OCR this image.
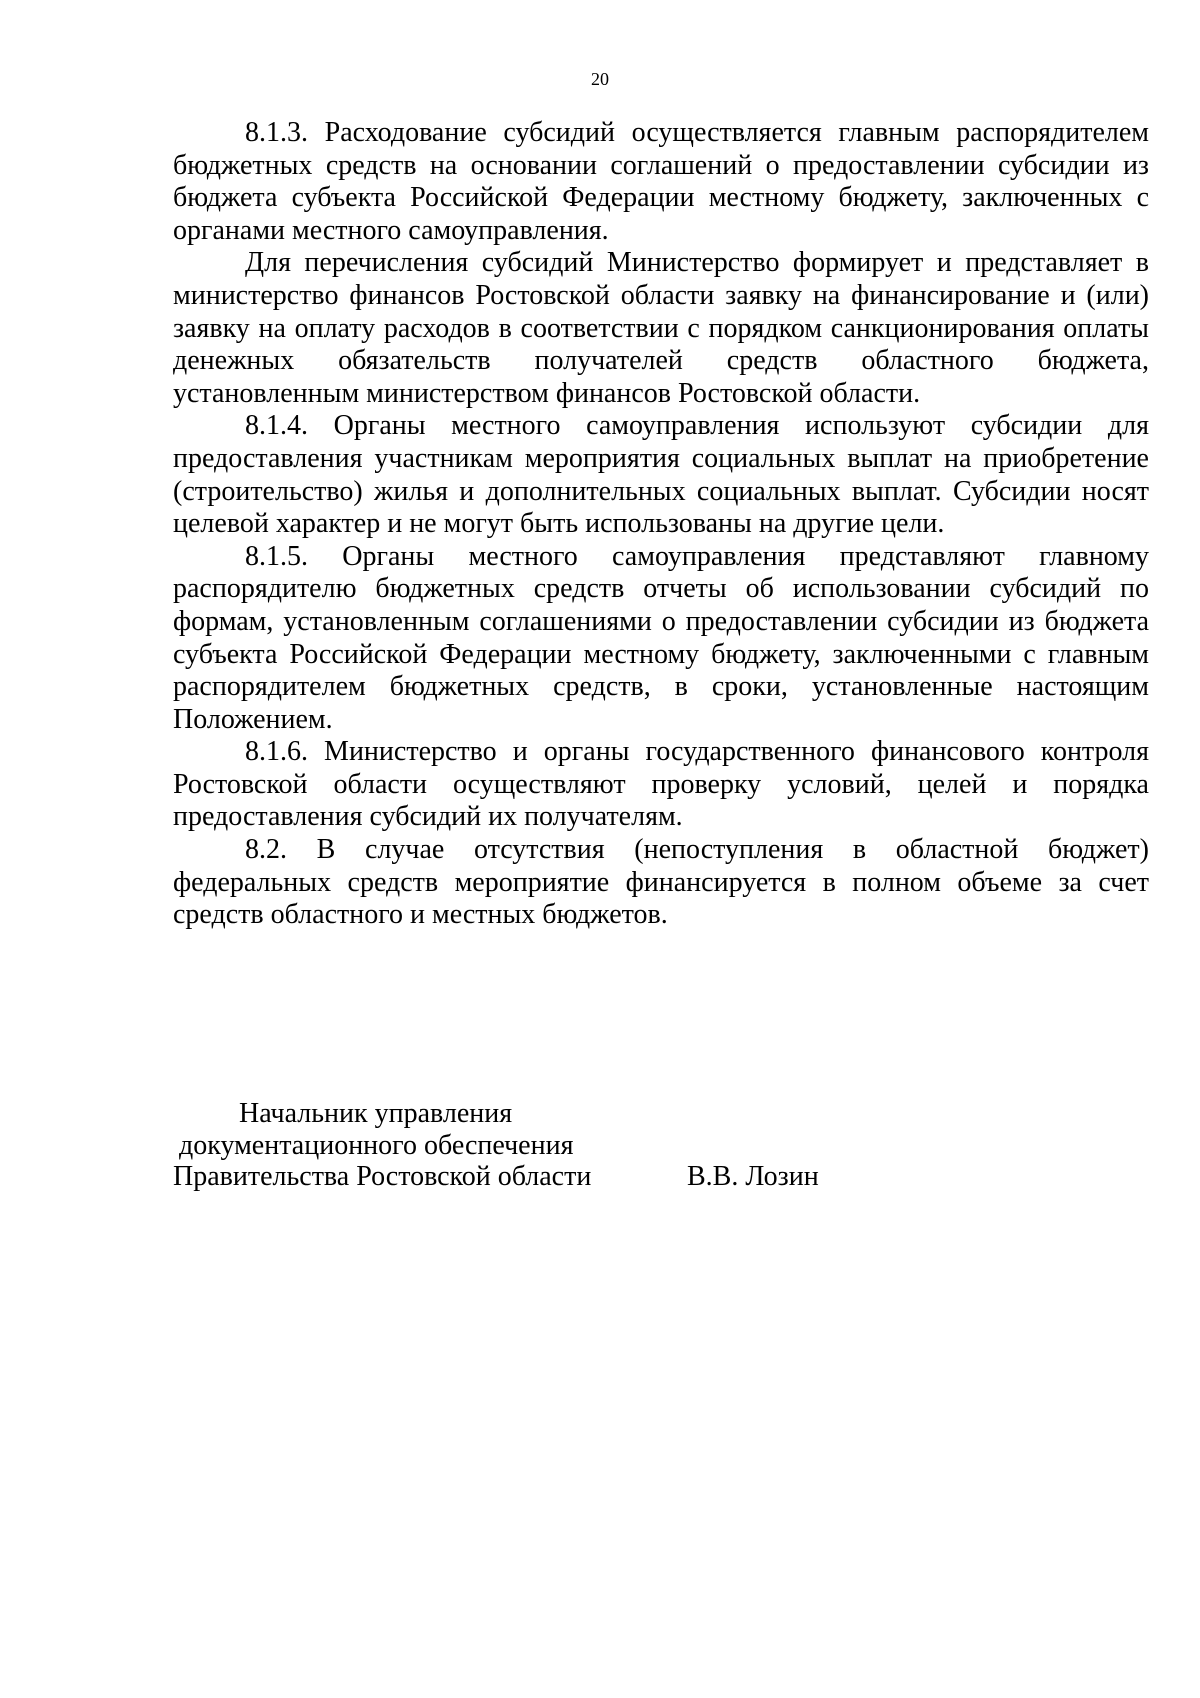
20

8.1.3. Расходование субсидий осуществляется главным распорядителем бюджетных средств на основании соглашений о предоставлении субсидии из бюджета субъекта Российской Федерации местному бюджету, заключенных с органами местного самоуправления.

Для перечисления субсидий Министерство формирует и представляет в министерство финансов Ростовской области заявку на финансирование и (или) заявку на оплату расходов в соответствии с порядком санкционирования оплаты денежных обязательств получателей средств областного бюджета, установленным министерством финансов Ростовской области.

8.1.4. Органы местного самоуправления используют субсидии для предоставления участникам мероприятия социальных выплат на приобретение (строительство) жилья и дополнительных социальных выплат. Субсидии носят целевой характер и не могут быть использованы на другие цели.

8.1.5. Органы местного самоуправления представляют главному распорядителю бюджетных средств отчеты об использовании субсидий по формам, установленным соглашениями о предоставлении субсидии из бюджета субъекта Российской Федерации местному бюджету, заключенными с главным распорядителем бюджетных средств, в сроки, установленные настоящим Положением.

8.1.6. Министерство и органы государственного финансового контроля Ростовской области осуществляют проверку условий, целей и порядка предоставления субсидий их получателям.

8.2. В случае отсутствия (непоступления в областной бюджет) федеральных средств мероприятие финансируется в полном объеме за счет средств областного и местных бюджетов.

Начальник управления
документационного обеспечения
Правительства Ростовской области	В.В. Лозин
